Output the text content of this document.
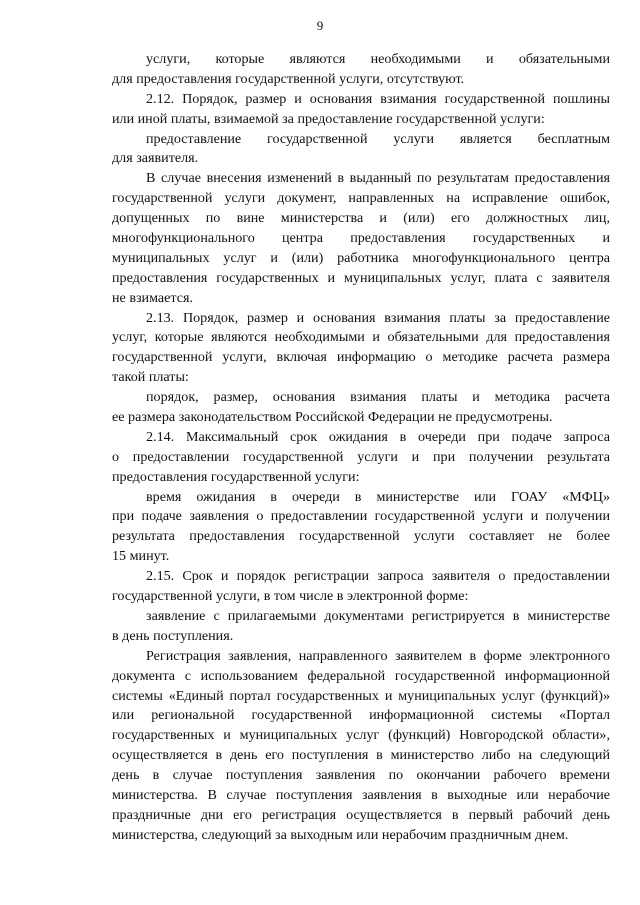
9
услуги, которые являются необходимыми и обязательными
для предоставления государственной услуги, отсутствуют.
2.12. Порядок, размер и основания взимания государственной пошлины
или иной платы, взимаемой за предоставление государственной услуги:
предоставление государственной услуги является бесплатным
для заявителя.
В случае внесения изменений в выданный по результатам предоставления
государственной услуги документ, направленных на исправление ошибок,
допущенных по вине министерства и (или) его должностных лиц,
многофункционального центра предоставления государственных и
муниципальных услуг и (или) работника многофункционального центра
предоставления государственных и муниципальных услуг, плата с заявителя
не взимается.
2.13. Порядок, размер и основания взимания платы за предоставление
услуг, которые являются необходимыми и обязательными для предоставления
государственной услуги, включая информацию о методике расчета размера
такой платы:
порядок, размер, основания взимания платы и методика расчета
ее размера законодательством Российской Федерации не предусмотрены.
2.14. Максимальный срок ожидания в очереди при подаче запроса
о предоставлении государственной услуги и при получении результата
предоставления государственной услуги:
время ожидания в очереди в министерстве или ГОАУ «МФЦ»
при подаче заявления о предоставлении государственной услуги и получении
результата предоставления государственной услуги составляет не более
15 минут.
2.15. Срок и порядок регистрации запроса заявителя о предоставлении
государственной услуги, в том числе в электронной форме:
заявление с прилагаемыми документами регистрируется в министерстве
в день поступления.
Регистрация заявления, направленного заявителем в форме электронного
документа с использованием федеральной государственной информационной
системы «Единый портал государственных и муниципальных услуг (функций)»
или региональной государственной информационной системы «Портал
государственных и муниципальных услуг (функций) Новгородской области»,
осуществляется в день его поступления в министерство либо на следующий
день в случае поступления заявления по окончании рабочего времени
министерства. В случае поступления заявления в выходные или нерабочие
праздничные дни его регистрация осуществляется в первый рабочий день
министерства, следующий за выходным или нерабочим праздничным днем.
